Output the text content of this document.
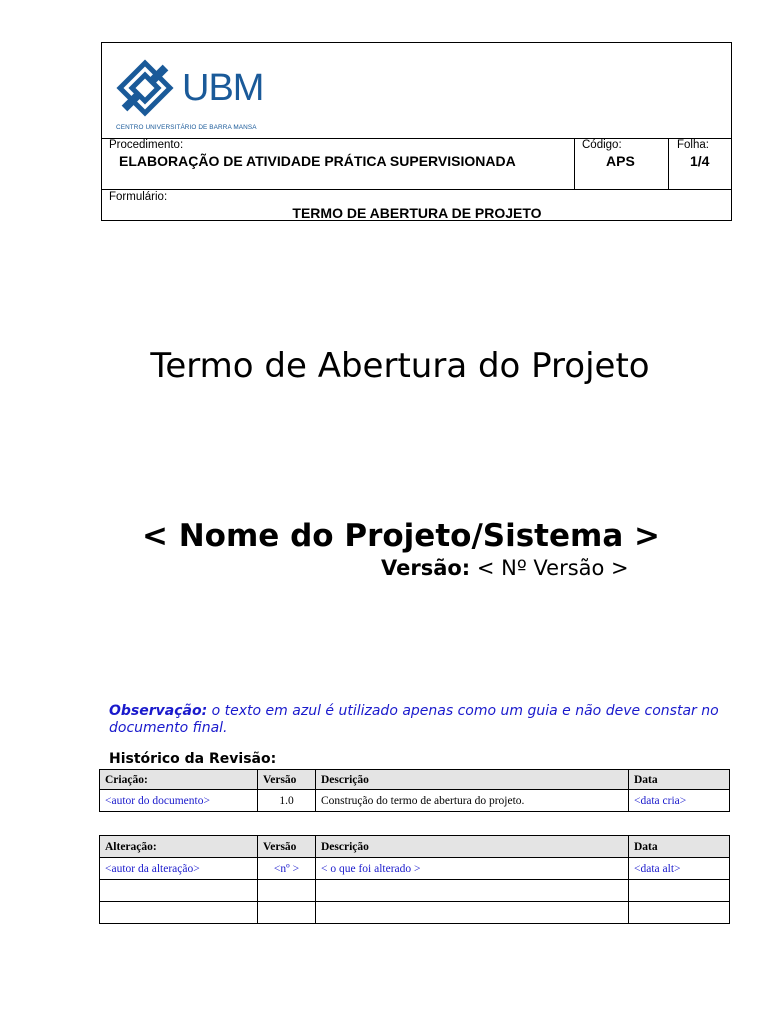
UBM
CENTRO UNIVERSITÁRIO DE BARRA MANSA
Procedimento:
ELABORAÇÃO DE ATIVIDADE PRÁTICA SUPERVISIONADA
Código:
APS
Folha:
1/4
Formulário:
TERMO DE ABERTURA DE PROJETO
Termo de Abertura do Projeto
< Nome do Projeto/Sistema >
Versão: < Nº Versão >
Observação: o texto em azul é utilizado apenas como um guia e não deve constar no documento final.
Histórico da Revisão:
Criação:	Versão	Descrição	Data
<autor do documento>	1.0	Construção do termo de abertura do projeto.	<data cria>
Alteração:	Versão	Descrição	Data
<autor da alteração>	<nº >	< o que foi alterado >	<data alt>
